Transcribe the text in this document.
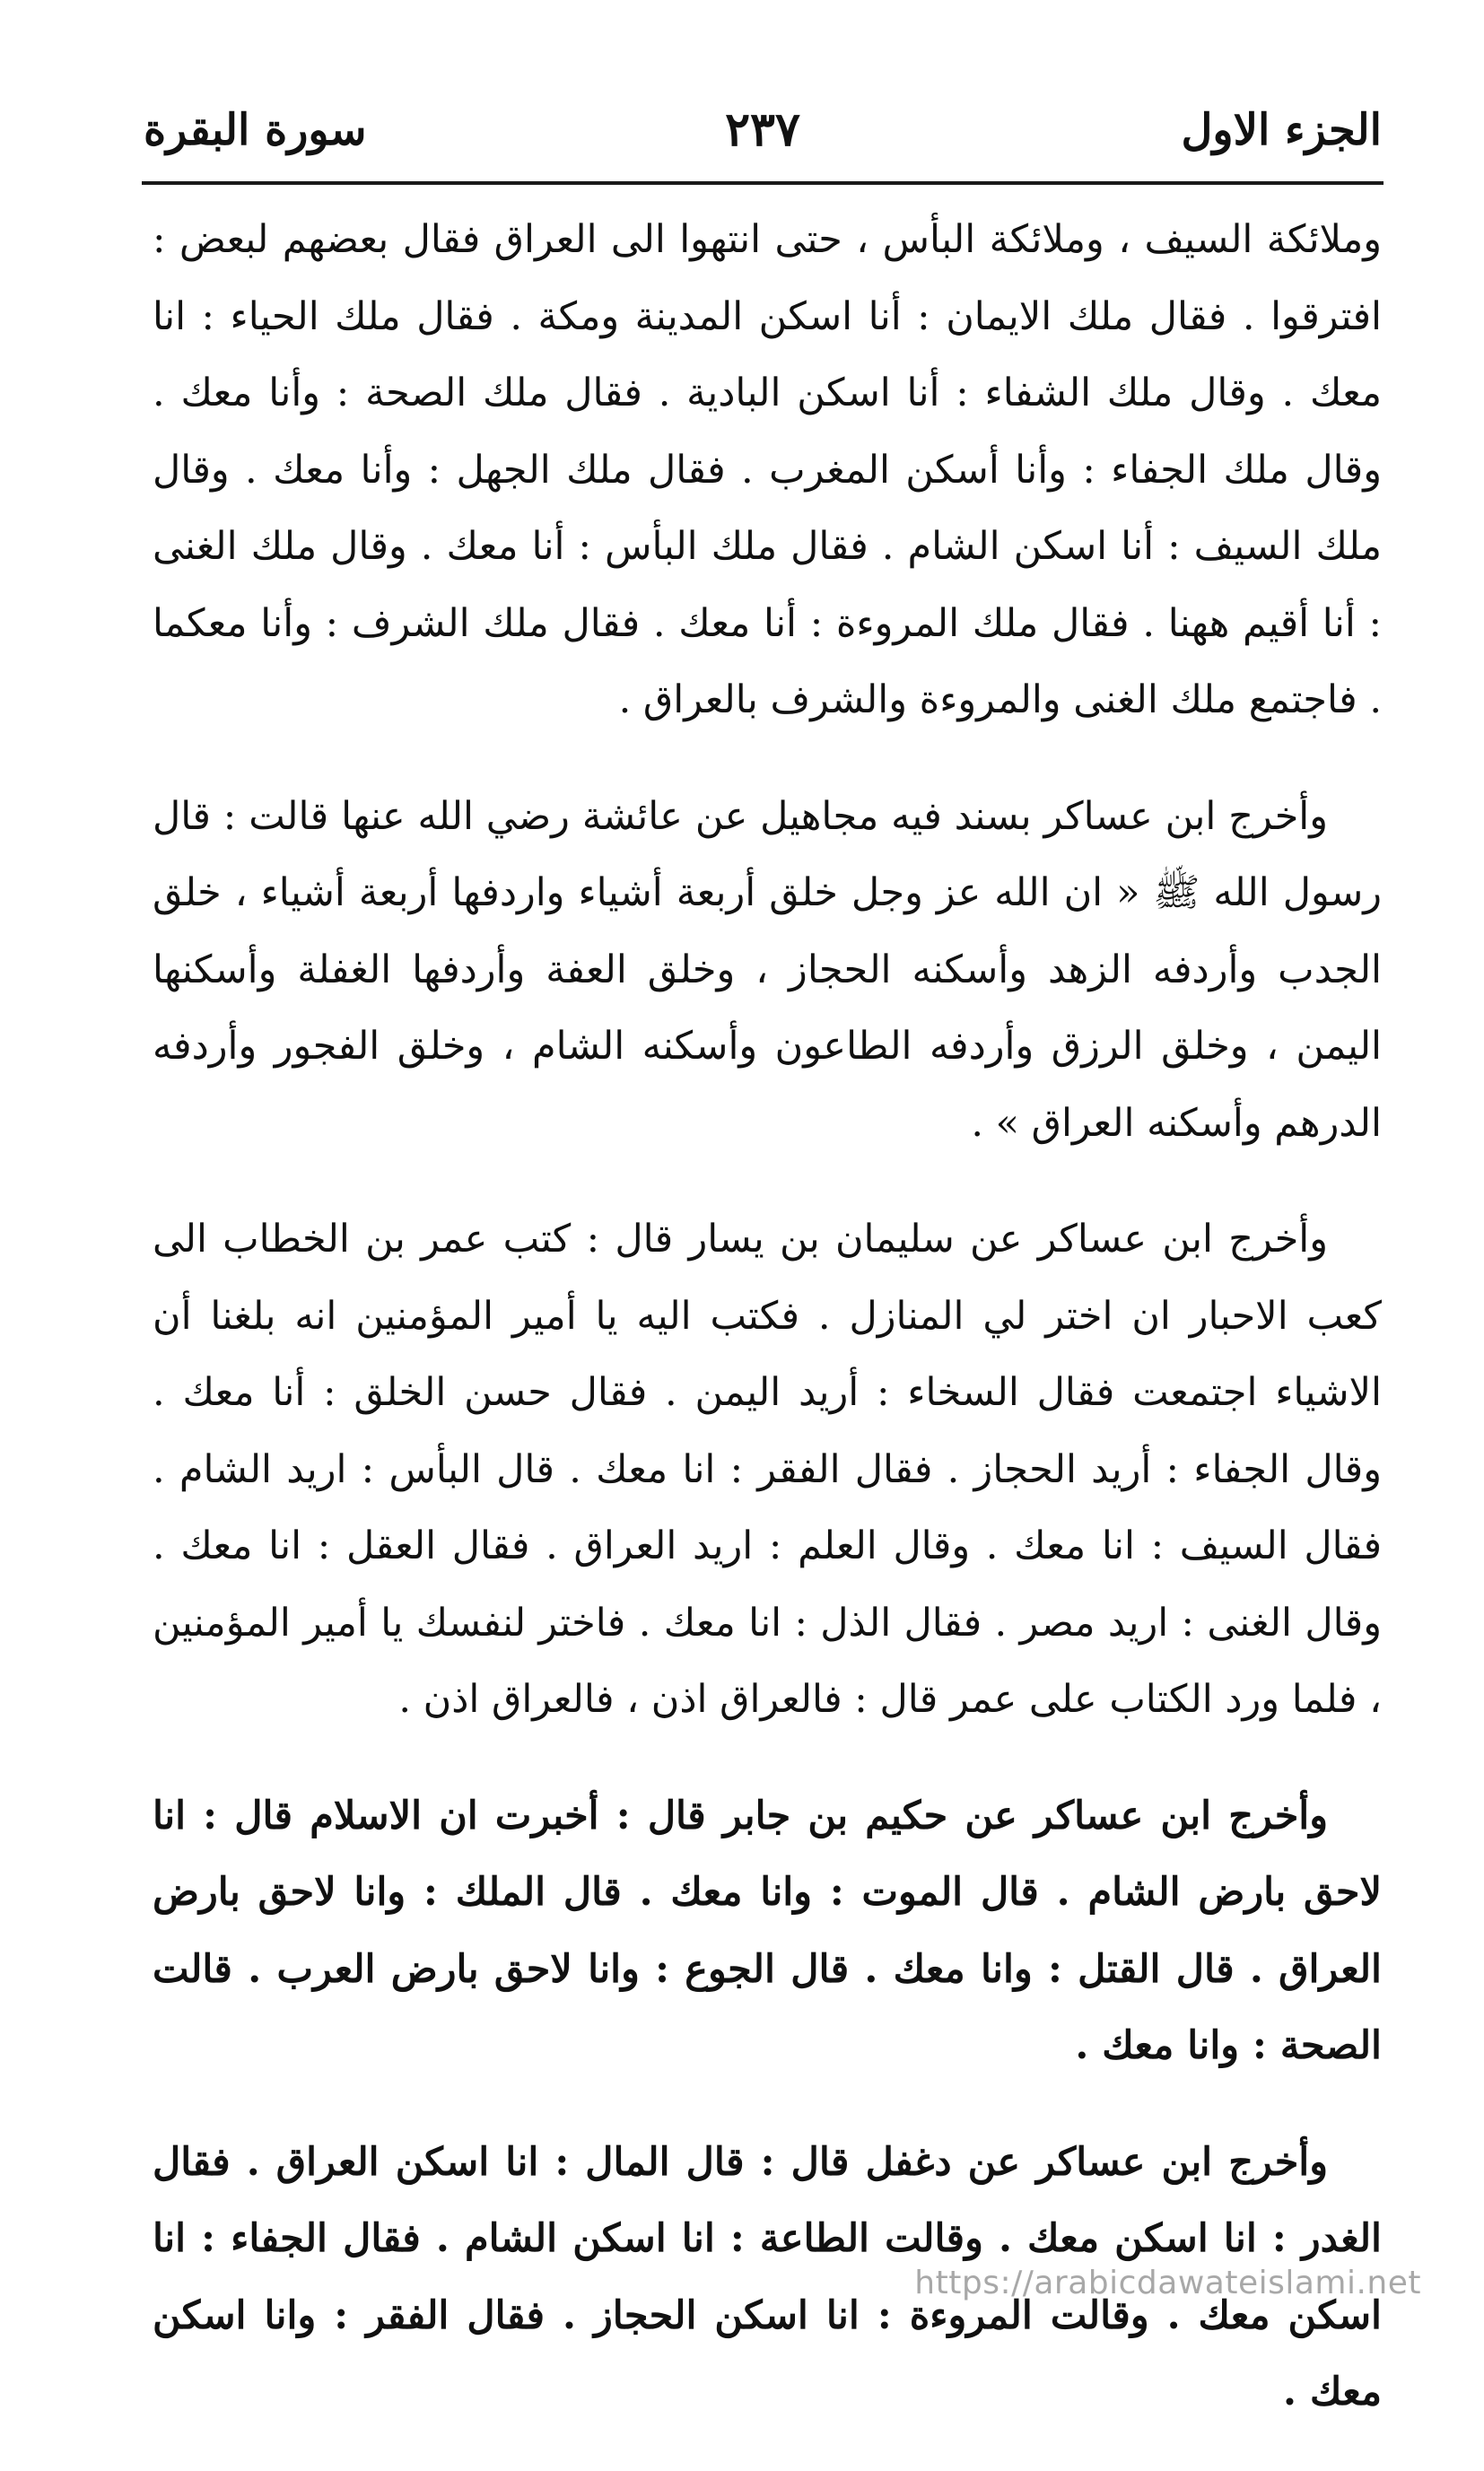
الجزء الاول
٢٣٧
سورة البقرة

وملائكة السيف ، وملائكة البأس ، حتى انتهوا الى العراق فقال بعضهم لبعض : افترقوا . فقال ملك الايمان : أنا اسكن المدينة ومكة . فقال ملك الحياء : انا معك . وقال ملك الشفاء : أنا اسكن البادية . فقال ملك الصحة : وأنا معك . وقال ملك الجفاء : وأنا أسكن المغرب . فقال ملك الجهل : وأنا معك . وقال ملك السيف : أنا اسكن الشام . فقال ملك البأس : أنا معك . وقال ملك الغنى : أنا أقيم ههنا . فقال ملك المروءة : أنا معك . فقال ملك الشرف : وأنا معكما . فاجتمع ملك الغنى والمروءة والشرف بالعراق .

وأخرج ابن عساكر بسند فيه مجاهيل عن عائشة رضي الله عنها قالت : قال رسول الله ﷺ « ان الله عز وجل خلق أربعة أشياء واردفها أربعة أشياء ، خلق الجدب وأردفه الزهد وأسكنه الحجاز ، وخلق العفة وأردفها الغفلة وأسكنها اليمن ، وخلق الرزق وأردفه الطاعون وأسكنه الشام ، وخلق الفجور وأردفه الدرهم وأسكنه العراق » .

وأخرج ابن عساكر عن سليمان بن يسار قال : كتب عمر بن الخطاب الى كعب الاحبار ان اختر لي المنازل . فكتب اليه يا أمير المؤمنين انه بلغنا أن الاشياء اجتمعت فقال السخاء : أريد اليمن . فقال حسن الخلق : أنا معك . وقال الجفاء : أريد الحجاز . فقال الفقر : انا معك . قال البأس : اريد الشام . فقال السيف : انا معك . وقال العلم : اريد العراق . فقال العقل : انا معك . وقال الغنى : اريد مصر . فقال الذل : انا معك . فاختر لنفسك يا أمير المؤمنين ، فلما ورد الكتاب على عمر قال : فالعراق اذن ، فالعراق اذن .

وأخرج ابن عساكر عن حكيم بن جابر قال : أخبرت ان الاسلام قال : انا لاحق بارض الشام . قال الموت : وانا معك . قال الملك : وانا لاحق بارض العراق . قال القتل : وانا معك . قال الجوع : وانا لاحق بارض العرب . قالت الصحة : وانا معك .

وأخرج ابن عساكر عن دغفل قال : قال المال : انا اسكن العراق . فقال الغدر : انا اسكن معك . وقالت الطاعة : انا اسكن الشام . فقال الجفاء : انا اسكن معك . وقالت المروءة : انا اسكن الحجاز . فقال الفقر : وانا اسكن معك .

https://arabicdawateislami.net
